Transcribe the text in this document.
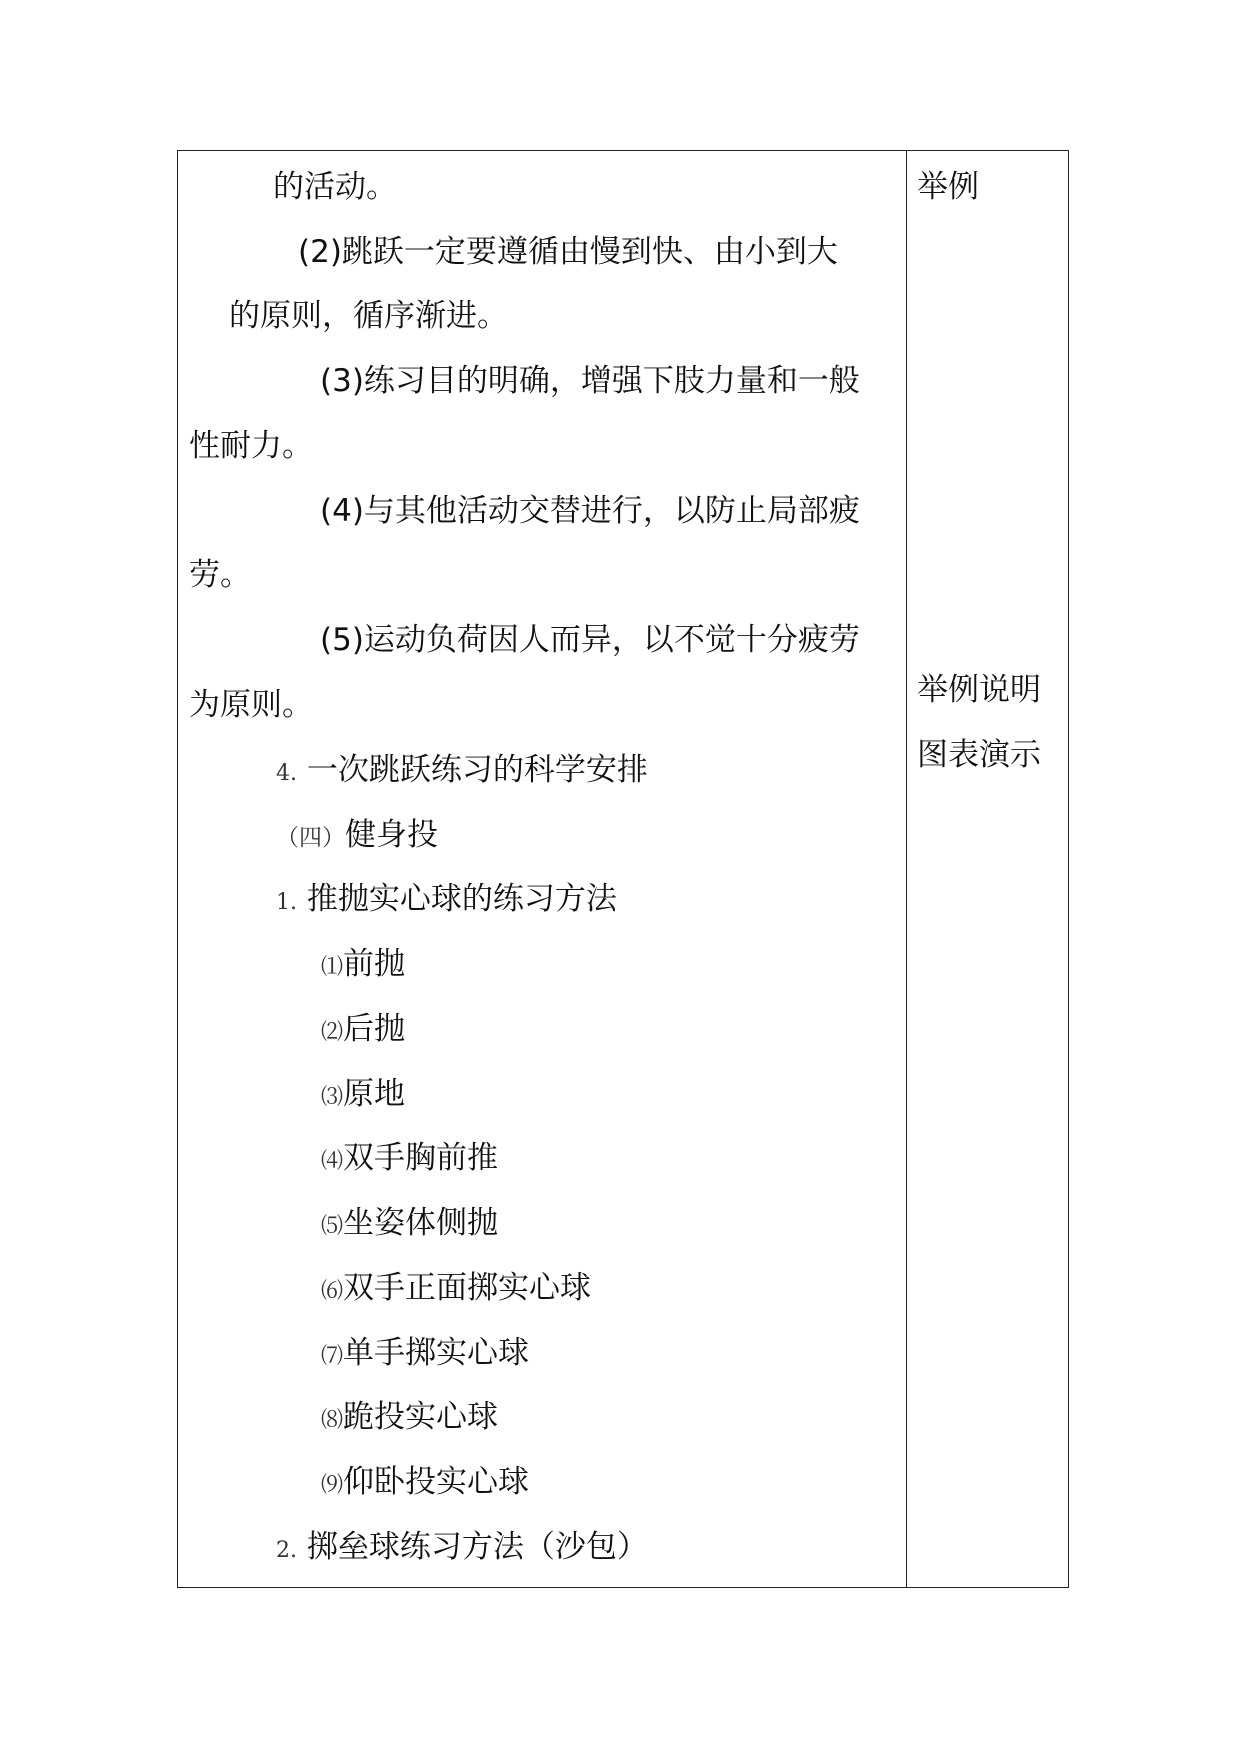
的活动。
(2)跳跃一定要遵循由慢到快、由小到大
的原则，循序渐进。
(3)练习目的明确，增强下肢力量和一般
性耐力。
(4)与其他活动交替进行，以防止局部疲
劳。
(5)运动负荷因人而异，以不觉十分疲劳
为原则。
4. 一次跳跃练习的科学安排
（四）健身投
1. 推抛实心球的练习方法
⑴前抛
⑵后抛
⑶原地
⑷双手胸前推
⑸坐姿体侧抛
⑹双手正面掷实心球
⑺单手掷实心球
⑻跪投实心球
⑼仰卧投实心球
2. 掷垒球练习方法（沙包）
举例
举例说明
图表演示
